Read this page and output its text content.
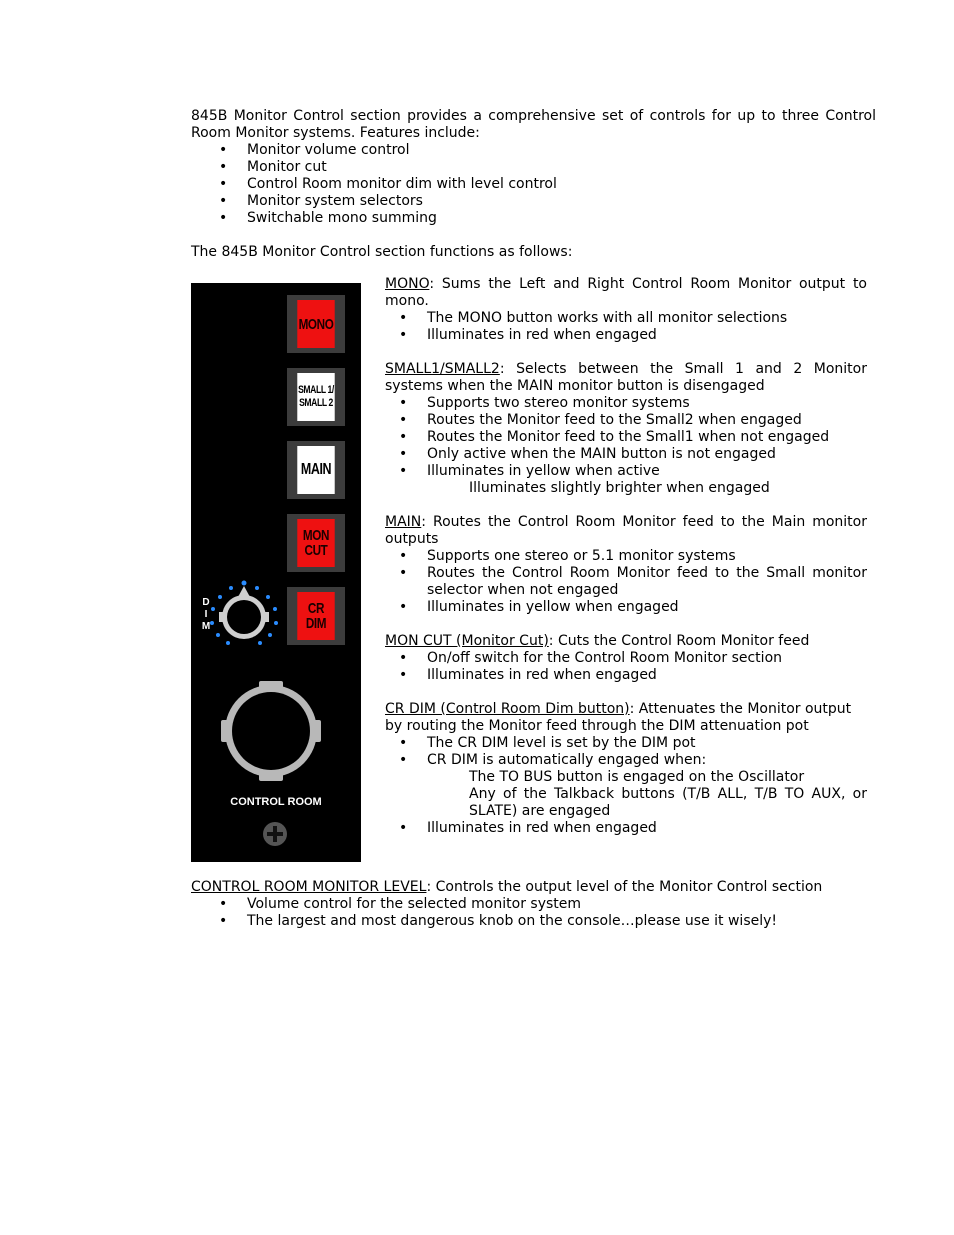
845B Monitor Control section provides a comprehensive set of controls for up to three Control Room Monitor systems. Features include:

• Monitor volume control
• Monitor cut
• Control Room monitor dim with level control
• Monitor system selectors
• Switchable mono summing

The 845B Monitor Control section functions as follows:

MONO
SMALL 1/
SMALL 2
MAIN
MON
CUT
CR
DIM
D
I
M
CONTROL ROOM

MONO: Sums the Left and Right Control Room Monitor output to mono.

• The MONO button works with all monitor selections
• Illuminates in red when engaged

SMALL1/SMALL2: Selects between the Small 1 and 2 Monitor systems when the MAIN monitor button is disengaged

• Supports two stereo monitor systems
• Routes the Monitor feed to the Small2 when engaged
• Routes the Monitor feed to the Small1 when not engaged
• Only active when the MAIN button is not engaged
• Illuminates in yellow when active
Illuminates slightly brighter when engaged

MAIN: Routes the Control Room Monitor feed to the Main monitor outputs

• Supports one stereo or 5.1 monitor systems
• Routes the Control Room Monitor feed to the Small monitor selector when not engaged
• Illuminates in yellow when engaged

MON CUT (Monitor Cut): Cuts the Control Room Monitor feed

• On/off switch for the Control Room Monitor section
• Illuminates in red when engaged

CR DIM (Control Room Dim button): Attenuates the Monitor output by routing the Monitor feed through the DIM attenuation pot

• The CR DIM level is set by the DIM pot
• CR DIM is automatically engaged when:
The TO BUS button is engaged on the Oscillator
Any of the Talkback buttons (T/B ALL, T/B TO AUX, or SLATE) are engaged
• Illuminates in red when engaged

CONTROL ROOM MONITOR LEVEL: Controls the output level of the Monitor Control section

• Volume control for the selected monitor system
• The largest and most dangerous knob on the console…please use it wisely!
